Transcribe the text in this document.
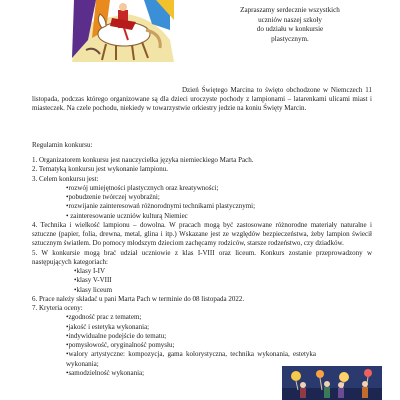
Zapraszamy serdecznie wszystkich
uczniów naszej szkoły
do udziału w konkursie
plastycznym.
Dzień Świętego Marcina to święto obchodzone w Niemczech 11 listopada, podczas którego organizowane są dla dzieci uroczyste pochody z lampionami – latarenkami ulicami miast i miasteczek. Na czele pochodu, niekiedy w towarzystwie orkiestry jedzie na koniu Święty Marcin.
Regulamin konkursu:
1. Organizatorem konkursu jest nauczycielka języka niemieckiego Marta Pach.
2. Tematyką konkursu jest wykonanie lampionu.
3. Celem konkursu jest:
•rozwój umiejętności plastycznych oraz kreatywności;
•pobudzenie twórczej wyobraźni;
•rozwijanie zainteresowań różnorodnymi technikami plastycznymi;
• zainteresowanie uczniów kulturą Niemiec
4. Technika i wielkość lampionu – dowolna. W pracach mogą być zastosowane różnorodne materiały naturalne i sztuczne (papier, folia, drewna, metal, glina i itp.) Wskazane jest ze względów bezpieczeństwa, żeby lampion świecił sztucznym światłem. Do pomocy młodszym dzieciom zachęcamy rodziców, starsze rodzeństwo, czy dziadków.
5. W konkursie mogą brać udział uczniowie z klas I-VIII oraz liceum. Konkurs zostanie przeprowadzony w następujących kategoriach:
•klasy I-IV
•klasy V-VIII
•klasy liceum
6. Prace należy składać u pani Marta Pach w terminie do 08 listopada 2022.
7. Kryteria oceny:
•zgodność prac z tematem;
•jakość i estetyka wykonania;
•indywidualne podejście do tematu;
•pomysłowość, oryginalność pomysłu;
•walory artystyczne: kompozycja, gama kolorystyczna, technika wykonania, estetyka wykonania;
•samodzielność wykonania;
